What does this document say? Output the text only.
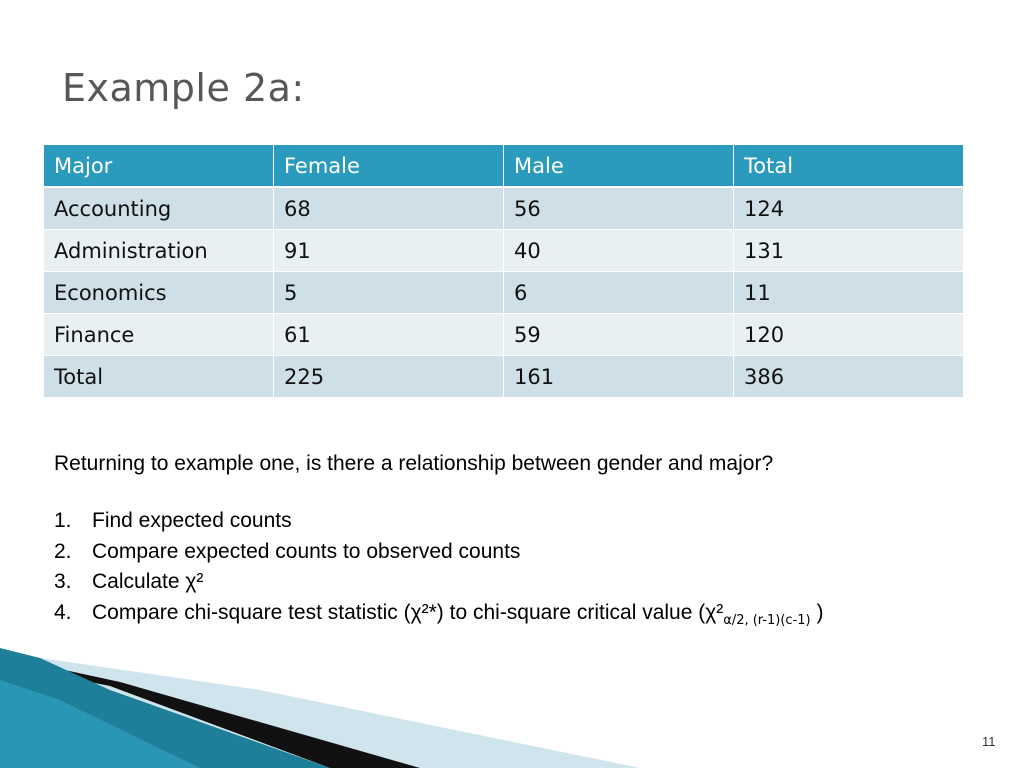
Example 2a:
Major	Female	Male	Total
Accounting	68	56	124
Administration	91	40	131
Economics	5	6	11
Finance	61	59	120
Total	225	161	386

Returning to example one, is there a relationship between gender and major?

1. Find expected counts
2. Compare expected counts to observed counts
3. Calculate χ²
4. Compare chi-square test statistic (χ²*) to chi-square critical value ($\chi^2_{\alpha/2, (r-1)(c-1)}$ )
11
